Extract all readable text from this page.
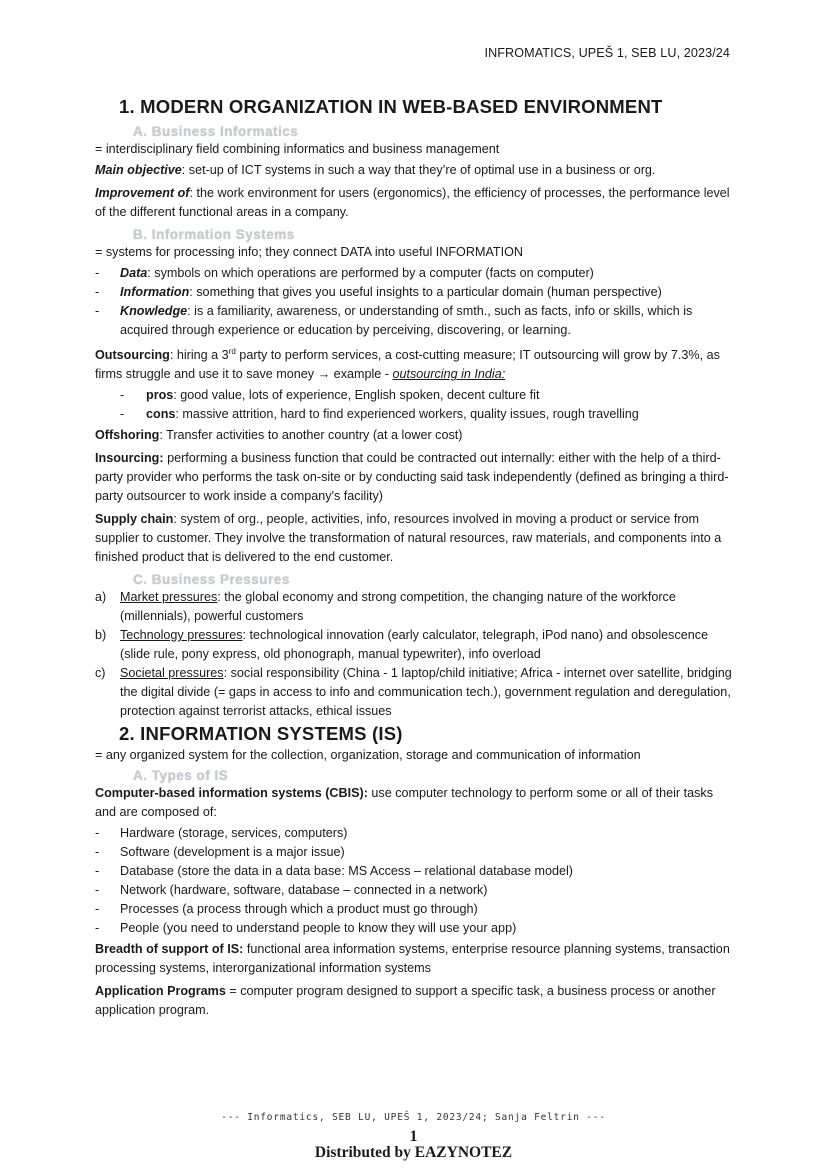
INFROMATICS, UPEŠ 1, SEB LU, 2023/24
1. MODERN ORGANIZATION IN WEB-BASED ENVIRONMENT
A. Business Informatics

= interdisciplinary field combining informatics and business management

Main objective: set-up of ICT systems in such a way that they’re of optimal use in a business or org.

Improvement of: the work environment for users (ergonomics), the efficiency of processes, the performance level of the different functional areas in a company.

B. Information Systems

= systems for processing info; they connect DATA into useful INFORMATION

- Data: symbols on which operations are performed by a computer (facts on computer)
- Information: something that gives you useful insights to a particular domain (human perspective)
- Knowledge: is a familiarity, awareness, or understanding of smth., such as facts, info or skills, which is acquired through experience or education by perceiving, discovering, or learning.

Outsourcing: hiring a 3rd party to perform services, a cost-cutting measure; IT outsourcing will grow by 7.3%, as firms struggle and use it to save money → example - outsourcing in India:

- pros: good value, lots of experience, English spoken, decent culture fit
- cons: massive attrition, hard to find experienced workers, quality issues, rough travelling

Offshoring: Transfer activities to another country (at a lower cost)

Insourcing: performing a business function that could be contracted out internally: either with the help of a third-party provider who performs the task on-site or by conducting said task independently (defined as bringing a third-party outsourcer to work inside a company's facility)

Supply chain: system of org., people, activities, info, resources involved in moving a product or service from supplier to customer. They involve the transformation of natural resources, raw materials, and components into a finished product that is delivered to the end customer.

C. Business Pressures
a) Market pressures: the global economy and strong competition, the changing nature of the workforce (millennials), powerful customers
b) Technology pressures: technological innovation (early calculator, telegraph, iPod nano) and obsolescence (slide rule, pony express, old phonograph, manual typewriter), info overload
c) Societal pressures: social responsibility (China - 1 laptop/child initiative; Africa - internet over satellite, bridging the digital divide (= gaps in access to info and communication tech.), government regulation and deregulation, protection against terrorist attacks, ethical issues
2. INFORMATION SYSTEMS (IS)

= any organized system for the collection, organization, storage and communication of information

A. Types of IS

Computer-based information systems (CBIS): use computer technology to perform some or all of their tasks and are composed of:

- Hardware (storage, services, computers)
- Software (development is a major issue)
- Database (store the data in a data base: MS Access – relational database model)
- Network (hardware, software, database – connected in a network)
- Processes (a process through which a product must go through)
- People (you need to understand people to know they will use your app)

Breadth of support of IS: functional area information systems, enterprise resource planning systems, transaction processing systems, interorganizational information systems

Application Programs = computer program designed to support a specific task, a business process or another application program.

--- Informatics, SEB LU, UPEŠ 1, 2023/24; Sanja Feltrin ---
1
Distributed by EAZYNOTEZ
